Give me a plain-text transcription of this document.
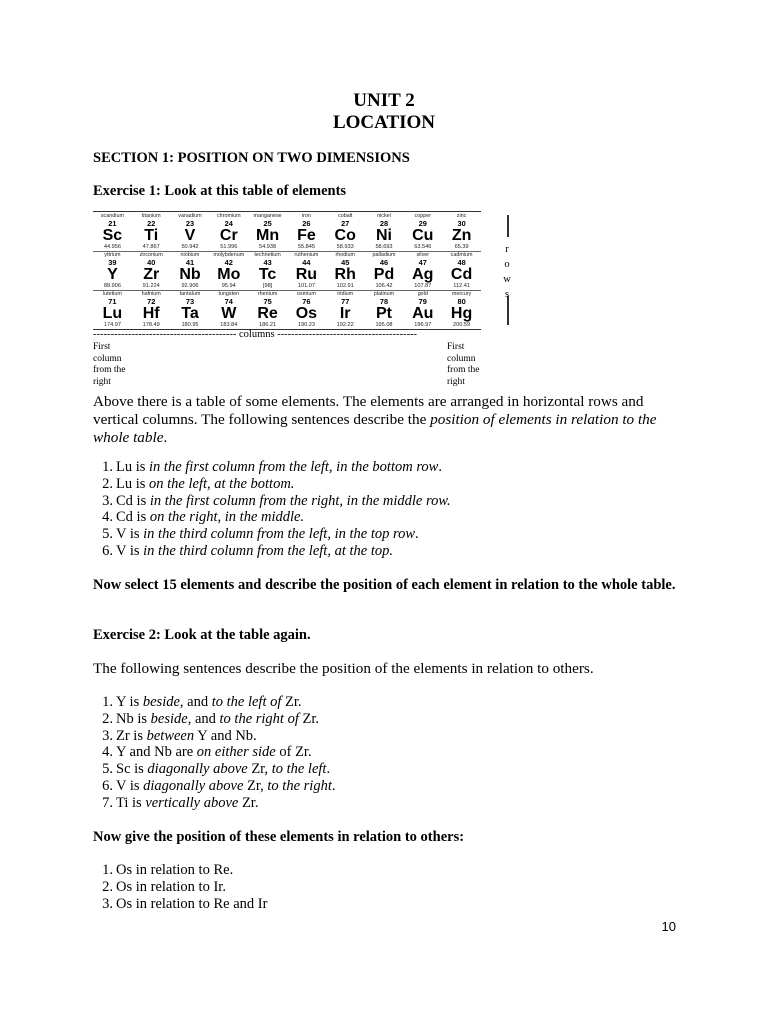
UNIT 2
LOCATION
SECTION 1: POSITION ON TWO DIMENSIONS
Exercise 1: Look at this table of elements
scandium
21
Sc
44.956
titanium
22
Ti
47.867
vanadium
23
V
50.942
chromium
24
Cr
51.996
manganese
25
Mn
54.938
iron
26
Fe
55.845
cobalt
27
Co
58.933
nickel
28
Ni
58.693
copper
29
Cu
63.546
zinc
30
Zn
65.39
yttrium
39
Y
88.906
zirconium
40
Zr
91.224
niobium
41
Nb
92.906
molybdenum
42
Mo
95.94
technetium
43
Tc
[98]
ruthenium
44
Ru
101.07
rhodium
45
Rh
102.91
palladium
46
Pd
106.42
silver
47
Ag
107.87
cadmium
48
Cd
112.41
lutetium
71
Lu
174.97
hafnium
72
Hf
178.49
tantalum
73
Ta
180.95
tungsten
74
W
183.84
rhenium
75
Re
186.21
osmium
76
Os
190.23
iridium
77
Ir
192.22
platinum
78
Pt
195.08
gold
79
Au
196.97
mercury
80
Hg
200.59
r
o
w
s
----------------------------------------- columns ----------------------------------------
First
column
from the
right
First
column
from the
right
Above there is a table of some elements. The elements are arranged in horizontal rows and vertical columns. The following sentences describe the position of elements in relation to the whole table.
1. Lu is in the first column from the left, in the bottom row.
2. Lu is on the left, at the bottom.
3. Cd is in the first column from the right, in the middle row.
4. Cd is on the right, in the middle.
5. V is in the third column from the left, in the top row.
6. V is in the third column from the left, at the top.
Now select 15 elements and describe the position of each element in relation to the whole table.
Exercise 2: Look at the table again.
The following sentences describe the position of the elements in relation to others.
1. Y is beside, and to the left of Zr.
2. Nb is beside, and to the right of Zr.
3. Zr is between Y and Nb.
4. Y and Nb are on either side of Zr.
5. Sc is diagonally above Zr, to the left.
6. V is diagonally above Zr, to the right.
7. Ti is vertically above Zr.
Now give the position of these elements in relation to others:
1. Os in relation to Re.
2. Os in relation to Ir.
3. Os in relation to Re and Ir
10
